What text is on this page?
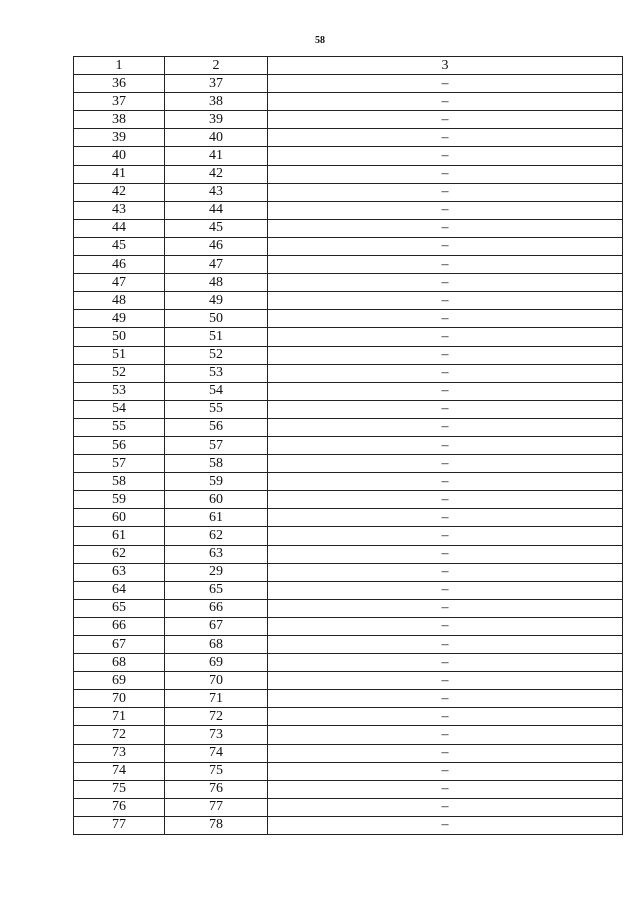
58
1	2	3
36	37	–
37	38	–
38	39	–
39	40	–
40	41	–
41	42	–
42	43	–
43	44	–
44	45	–
45	46	–
46	47	–
47	48	–
48	49	–
49	50	–
50	51	–
51	52	–
52	53	–
53	54	–
54	55	–
55	56	–
56	57	–
57	58	–
58	59	–
59	60	–
60	61	–
61	62	–
62	63	–
63	29	–
64	65	–
65	66	–
66	67	–
67	68	–
68	69	–
69	70	–
70	71	–
71	72	–
72	73	–
73	74	–
74	75	–
75	76	–
76	77	–
77	78	–
